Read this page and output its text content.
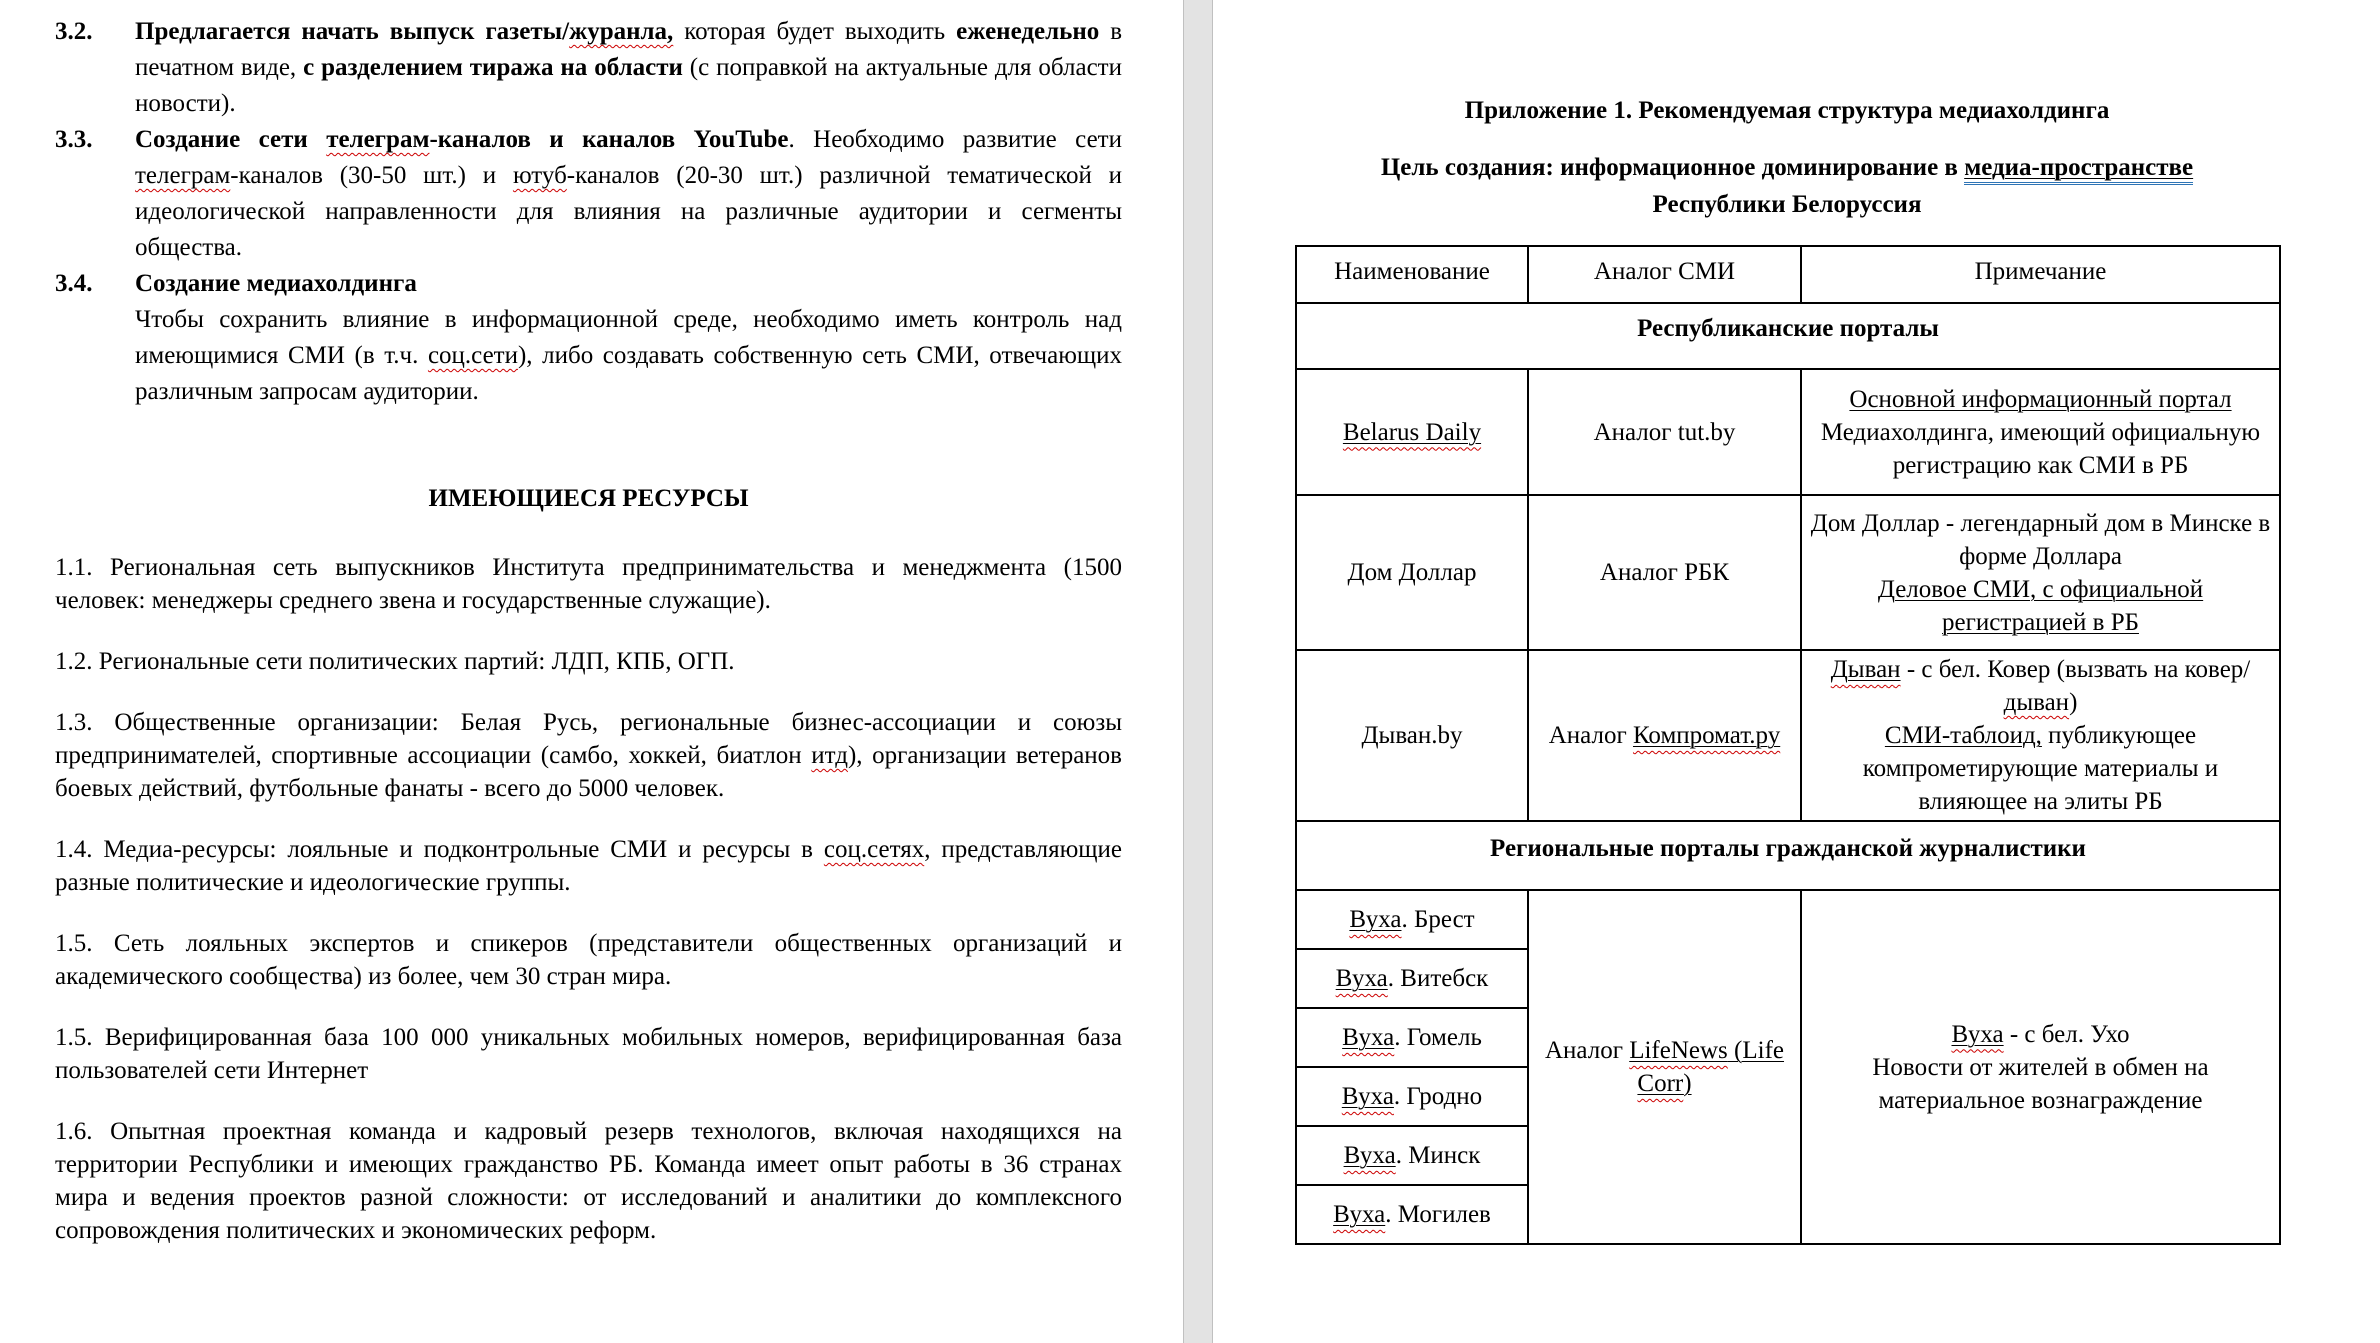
3.2.	Предлагается начать выпуск газеты/журанла, которая будет выходить еженедельно в печатном виде, с разделением тиража на области (с поправкой на актуальные для области новости).
3.3.	Создание сети телеграм-каналов и каналов YouTube. Необходимо развитие сети телеграм-каналов (30-50 шт.) и ютуб-каналов (20-30 шт.) различной тематической и идеологической направленности для влияния на различные аудитории и сегменты общества.
3.4.	Создание медиахолдинга
Чтобы сохранить влияние в информационной среде, необходимо иметь контроль над имеющимися СМИ (в т.ч. соц.сети), либо создавать собственную сеть СМИ, отвечающих различным запросам аудитории.
ИМЕЮЩИЕСЯ РЕСУРСЫ

1.1. Региональная сеть выпускников Института предпринимательства и менеджмента (1500 человек: менеджеры среднего звена и государственные служащие).

1.2. Региональные сети политических партий: ЛДП, КПБ, ОГП.

1.3. Общественные организации: Белая Русь, региональные бизнес-ассоциации и союзы предпринимателей, спортивные ассоциации (самбо, хоккей, биатлон итд), организации ветеранов боевых действий, футбольные фанаты - всего до 5000 человек.

1.4. Медиа-ресурсы: лояльные и подконтрольные СМИ и ресурсы в соц.сетях, представляющие разные политические и идеологические группы.

1.5. Сеть лояльных экспертов и спикеров (представители общественных организаций и академического сообщества) из более, чем 30 стран мира.

1.5. Верифицированная база 100 000 уникальных мобильных номеров, верифицированная база пользователей сети Интернет

1.6. Опытная проектная команда и кадровый резерв технологов, включая находящихся на территории Республики и имеющих гражданство РБ. Команда имеет опыт работы в 36 странах мира и ведения проектов разной сложности: от исследований и аналитики до комплексного сопровождения политических и экономических реформ.

Приложение 1. Рекомендуемая структура медиахолдинга
Цель создания: информационное доминирование в медиа-пространстве
Республики Белоруссия
Наименование	Аналог СМИ	Примечание
Республиканские порталы		
Belarus Daily	Аналог tut.by	Основной информационный портал
Медиахолдинга, имеющий официальную регистрацию как СМИ в РБ

Дом Доллар	Аналог РБК	Дом Доллар - легендарный дом в Минске в форме Доллара
Деловое СМИ, с официальной регистрацией в РБ

Дыван.by	Аналог Компромат.ру	Дыван - с бел. Ковер (вызвать на ковер/дыван)
СМИ-таблоид, публикующее компрометирующие материалы и влияющее на элиты РБ

Региональные порталы гражданской журналистики		
Вуха. Брест	Аналог LifeNews (Life Corr)	Вуха - с бел. Ухо
Новости от жителей в обмен на материальное вознаграждение

Вуха. Витебск		
Вуха. Гомель		
Вуха. Гродно		
Вуха. Минск		
Вуха. Могилев		
